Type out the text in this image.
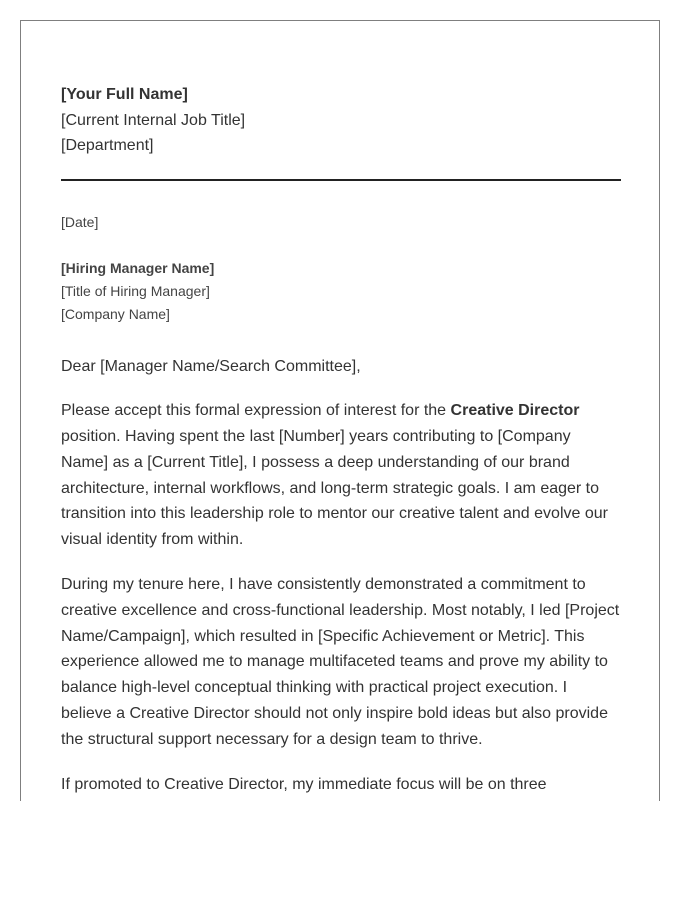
[Your Full Name]
[Current Internal Job Title]
[Department]
[Date]
[Hiring Manager Name]
[Title of Hiring Manager]
[Company Name]
Dear [Manager Name/Search Committee],
Please accept this formal expression of interest for the Creative Director position. Having spent the last [Number] years contributing to [Company Name] as a [Current Title], I possess a deep understanding of our brand architecture, internal workflows, and long-term strategic goals. I am eager to transition into this leadership role to mentor our creative talent and evolve our visual identity from within.
During my tenure here, I have consistently demonstrated a commitment to creative excellence and cross-functional leadership. Most notably, I led [Project Name/Campaign], which resulted in [Specific Achievement or Metric]. This experience allowed me to manage multifaceted teams and prove my ability to balance high-level conceptual thinking with practical project execution. I believe a Creative Director should not only inspire bold ideas but also provide the structural support necessary for a design team to thrive.
If promoted to Creative Director, my immediate focus will be on three
